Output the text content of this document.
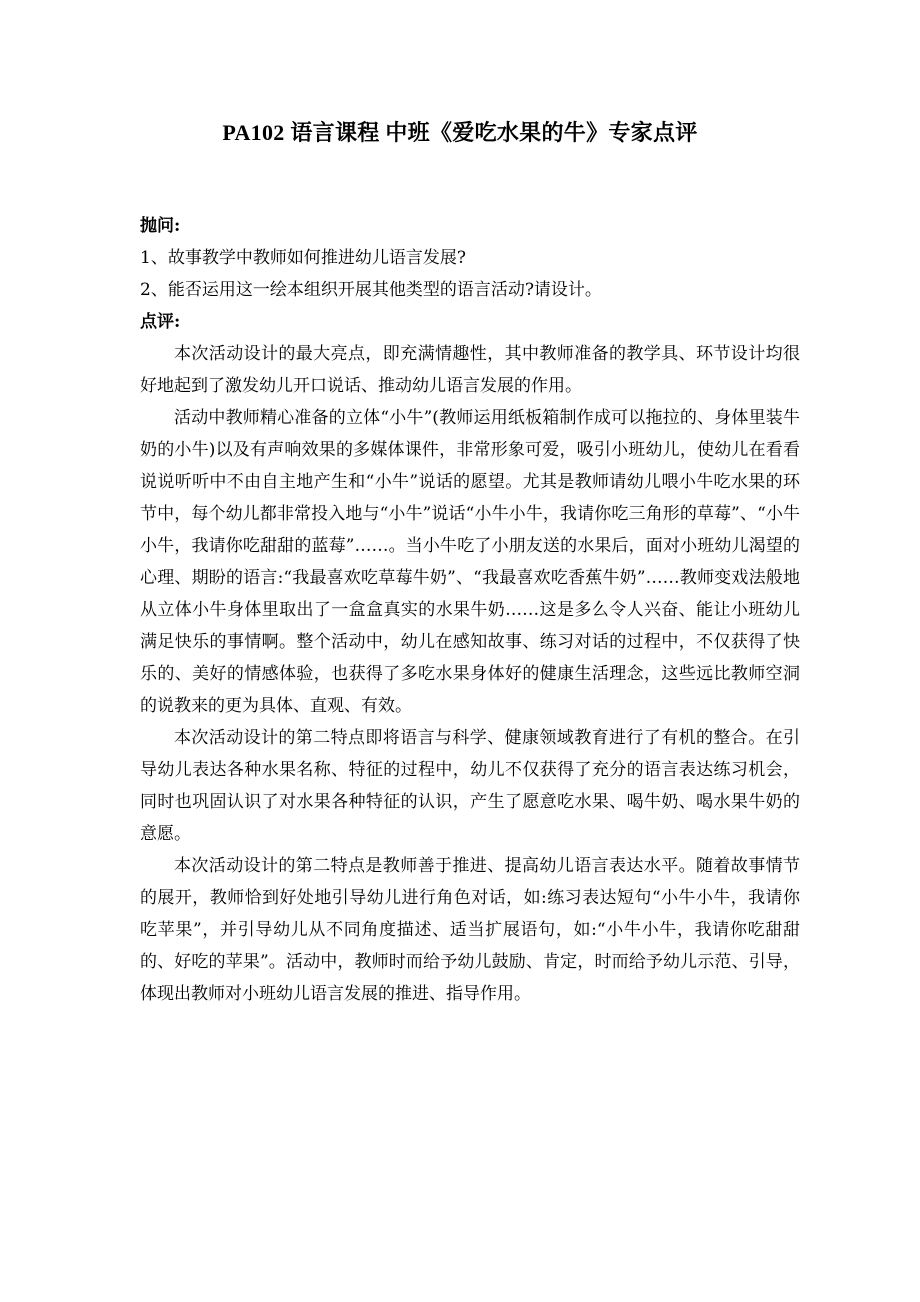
PA102 语言课程 中班《爱吃水果的牛》专家点评

抛问:

1、故事教学中教师如何推进幼儿语言发展?

2、能否运用这一绘本组织开展其他类型的语言活动?请设计。

点评:

本次活动设计的最大亮点，即充满情趣性，其中教师准备的教学具、环节设计均很好地起到了激发幼儿开口说话、推动幼儿语言发展的作用。

活动中教师精心准备的立体“小牛”(教师运用纸板箱制作成可以拖拉的、身体里装牛奶的小牛)以及有声响效果的多媒体课件，非常形象可爱，吸引小班幼儿，使幼儿在看看说说听听中不由自主地产生和“小牛”说话的愿望。尤其是教师请幼儿喂小牛吃水果的环节中，每个幼儿都非常投入地与“小牛”说话“小牛小牛，我请你吃三角形的草莓”、“小牛小牛，我请你吃甜甜的蓝莓”……。当小牛吃了小朋友送的水果后，面对小班幼儿渴望的心理、期盼的语言:“我最喜欢吃草莓牛奶”、“我最喜欢吃香蕉牛奶”……教师变戏法般地从立体小牛身体里取出了一盒盒真实的水果牛奶……这是多么令人兴奋、能让小班幼儿满足快乐的事情啊。整个活动中，幼儿在感知故事、练习对话的过程中，不仅获得了快乐的、美好的情感体验，也获得了多吃水果身体好的健康生活理念，这些远比教师空洞的说教来的更为具体、直观、有效。

本次活动设计的第二特点即将语言与科学、健康领域教育进行了有机的整合。在引导幼儿表达各种水果名称、特征的过程中，幼儿不仅获得了充分的语言表达练习机会，同时也巩固认识了对水果各种特征的认识，产生了愿意吃水果、喝牛奶、喝水果牛奶的意愿。

本次活动设计的第二特点是教师善于推进、提高幼儿语言表达水平。随着故事情节的展开，教师恰到好处地引导幼儿进行角色对话，如:练习表达短句“小牛小牛，我请你吃苹果”，并引导幼儿从不同角度描述、适当扩展语句，如:“小牛小牛，我请你吃甜甜的、好吃的苹果”。活动中，教师时而给予幼儿鼓励、肯定，时而给予幼儿示范、引导，体现出教师对小班幼儿语言发展的推进、指导作用。
